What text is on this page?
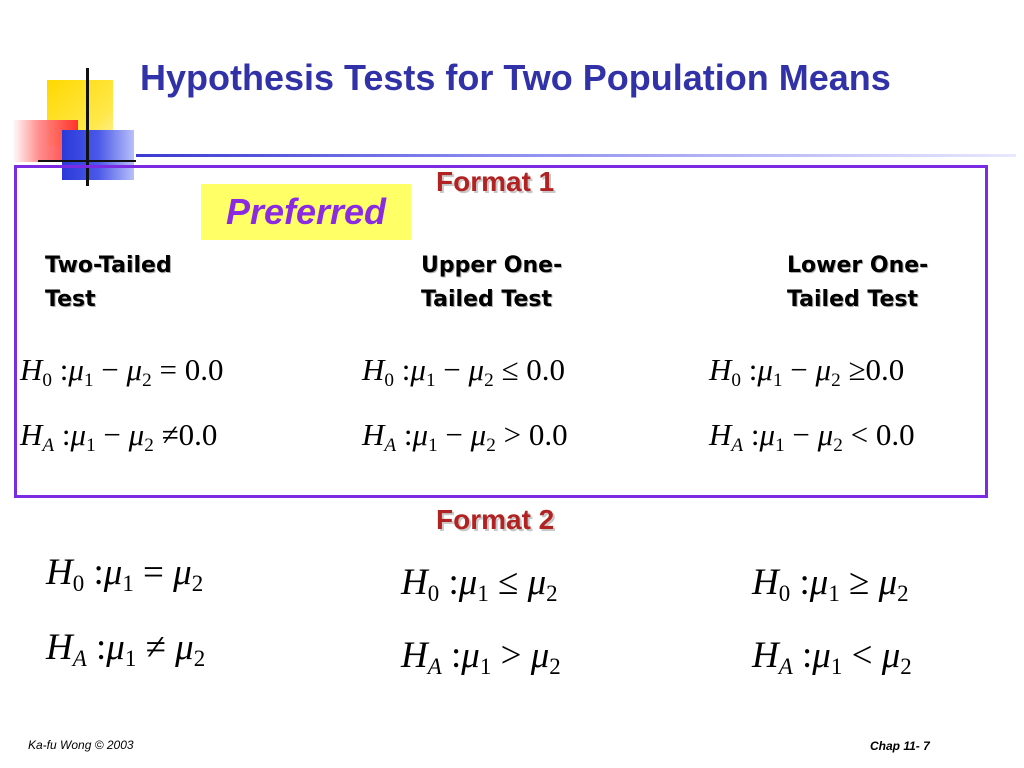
Hypothesis Tests for Two Population Means
Format 1
Preferred
Two-Tailed
Test
Upper One-
Tailed Test
Lower One-
Tailed Test
$H_0$ $:\mu_1 - \mu_2 = 0.0$	$H_0$ $:\mu_1 - \mu_2 \le 0.0$	$H_0$ $:\mu_1 - \mu_2 \ge 0.0$
$H_A$ $:\mu_1 - \mu_2 \ne 0.0$	$H_A$ $:\mu_1 - \mu_2 > 0.0$	$H_A$ $:\mu_1 - \mu_2 < 0.0$
Format 2
$H_0$ $:\mu_1 = \mu_2$	$H_0$ $:\mu_1 \le \mu_2$	$H_0$ $:\mu_1 \ge \mu_2$
$H_A$ $:\mu_1 \ne \mu_2$	$H_A$ $:\mu_1 > \mu_2$	$H_A$ $:\mu_1 < \mu_2$
Ka-fu Wong © 2003	Chap 11- 7
